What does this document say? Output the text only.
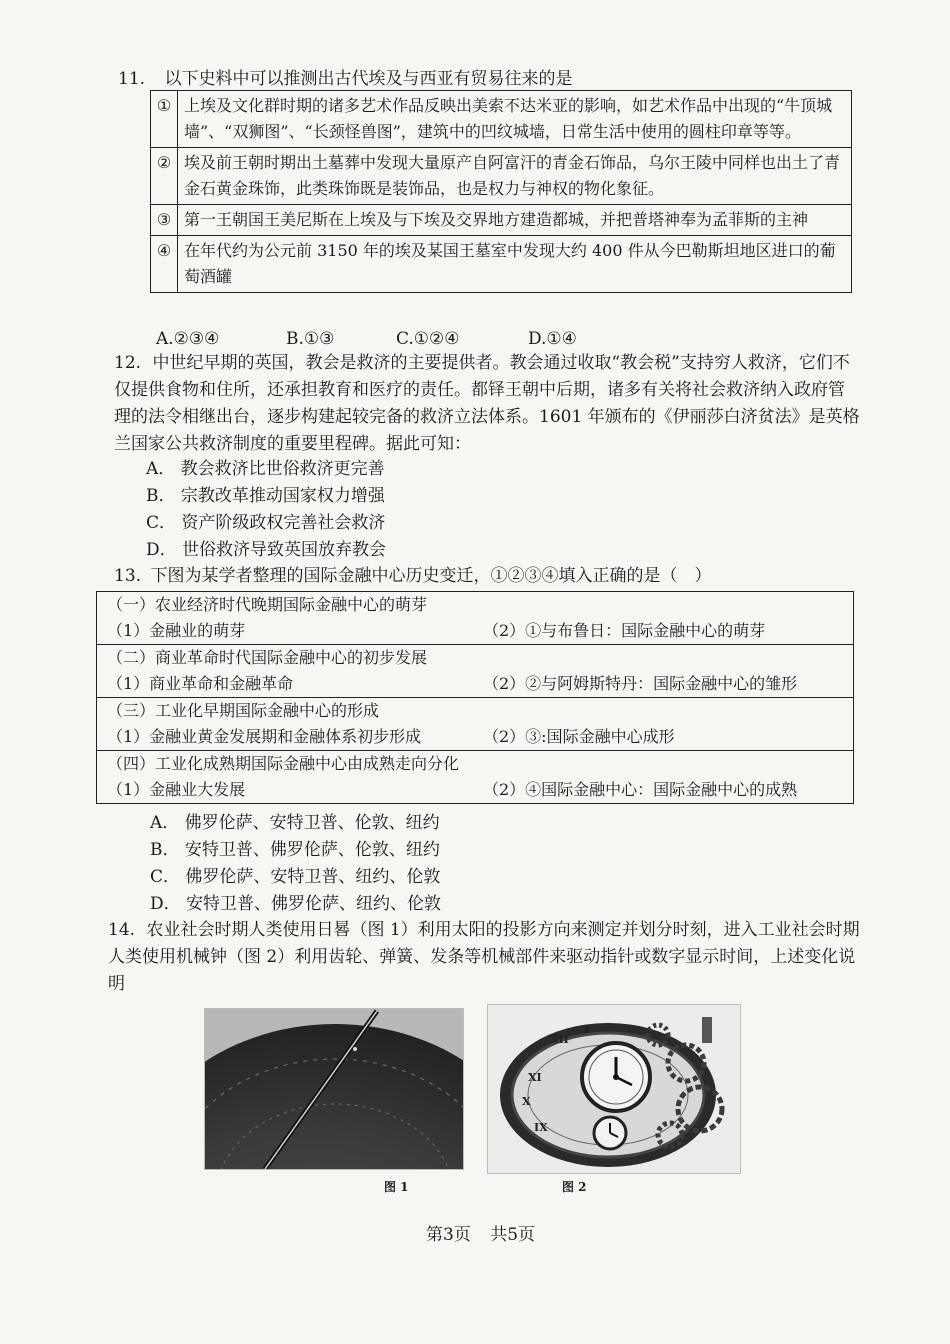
11. 以下史料中可以推测出古代埃及与西亚有贸易往来的是
①	上埃及文化群时期的诸多艺术作品反映出美索不达米亚的影响，如艺术作品中出现的“牛顶城墙”、“双狮图”、“长颈怪兽图”，建筑中的凹纹城墙，日常生活中使用的圆柱印章等等。
②	埃及前王朝时期出土墓葬中发现大量原产自阿富汗的青金石饰品，乌尔王陵中同样也出土了青金石黄金珠饰，此类珠饰既是装饰品，也是权力与神权的物化象征。
③	第一王朝国王美尼斯在上埃及与下埃及交界地方建造都城，并把普塔神奉为孟菲斯的主神
④	在年代约为公元前 3150 年的埃及某国王墓室中发现大约 400 件从今巴勒斯坦地区进口的葡萄酒罐
A.②③④	B.①③	C.①②④	D.①④
12. 中世纪早期的英国，教会是救济的主要提供者。教会通过收取“教会税”支持穷人救济，它们不仅提供食物和住所，还承担教育和医疗的责任。都铎王朝中后期，诸多有关将社会救济纳入政府管理的法令相继出台，逐步构建起较完备的救济立法体系。1601 年颁布的《伊丽莎白济贫法》是英格兰国家公共救济制度的重要里程碑。据此可知：
A． 教会救济比世俗救济更完善
B． 宗教改革推动国家权力增强
C． 资产阶级政权完善社会救济
D． 世俗救济导致英国放弃教会
13. 下图为某学者整理的国际金融中心历史变迁，①②③④填入正确的是（　）
（一）农业经济时代晚期国际金融中心的萌芽
（1）金融业的萌芽	（2）①与布鲁日：国际金融中心的萌芽

（二）商业革命时代国际金融中心的初步发展
（1）商业革命和金融革命	（2）②与阿姆斯特丹：国际金融中心的雏形

（三）工业化早期国际金融中心的形成
（1）金融业黄金发展期和金融体系初步形成	（2）③:国际金融中心成形

（四）工业化成熟期国际金融中心由成熟走向分化
（1）金融业大发展	（2）④国际金融中心：国际金融中心的成熟
A． 佛罗伦萨、安特卫普、伦敦、纽约
B． 安特卫普、佛罗伦萨、伦敦、纽约
C． 佛罗伦萨、安特卫普、纽约、伦敦
D． 安特卫普、佛罗伦萨、纽约、伦敦
14. 农业社会时期人类使用日晷（图 1）利用太阳的投影方向来测定并划分时刻，进入工业社会时期人类使用机械钟（图 2）利用齿轮、弹簧、发条等机械部件来驱动指针或数字显示时间，上述变化说明
图 1
XI
X
IX
XII
I
图 2
第3页 共5页
